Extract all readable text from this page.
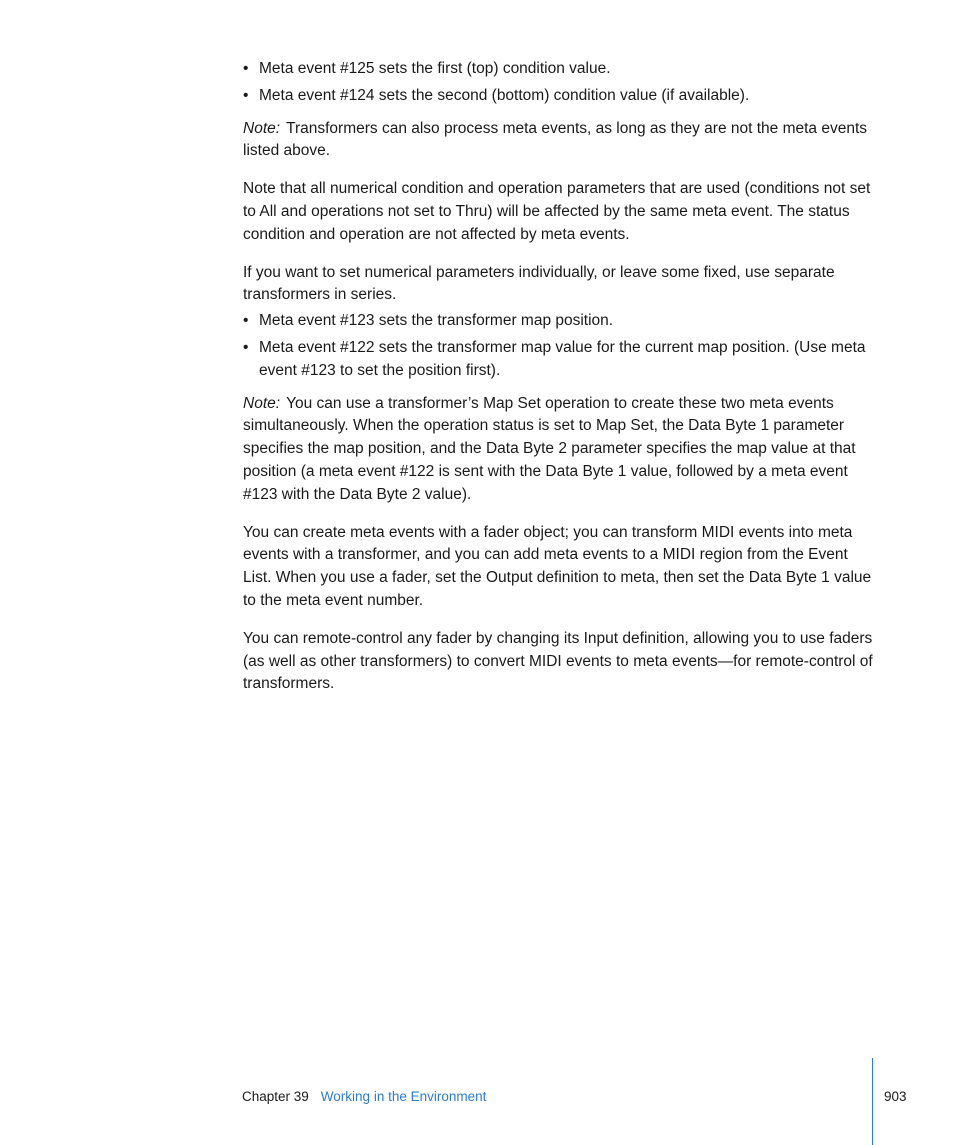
• Meta event #125 sets the first (top) condition value.
• Meta event #124 sets the second (bottom) condition value (if available).

Note: Transformers can also process meta events, as long as they are not the meta events listed above.

Note that all numerical condition and operation parameters that are used (conditions not set to All and operations not set to Thru) will be affected by the same meta event. The status condition and operation are not affected by meta events.

If you want to set numerical parameters individually, or leave some fixed, use separate transformers in series.

• Meta event #123 sets the transformer map position.
• Meta event #122 sets the transformer map value for the current map position. (Use meta event #123 to set the position first).

Note: You can use a transformer’s Map Set operation to create these two meta events simultaneously. When the operation status is set to Map Set, the Data Byte 1 parameter specifies the map position, and the Data Byte 2 parameter specifies the map value at that position (a meta event #122 is sent with the Data Byte 1 value, followed by a meta event #123 with the Data Byte 2 value).

You can create meta events with a fader object; you can transform MIDI events into meta events with a transformer, and you can add meta events to a MIDI region from the Event List. When you use a fader, set the Output definition to meta, then set the Data Byte 1 value to the meta event number.

You can remote-control any fader by changing its Input definition, allowing you to use faders (as well as other transformers) to convert MIDI events to meta events—for remote-control of transformers.

Chapter 39 Working in the Environment	903
